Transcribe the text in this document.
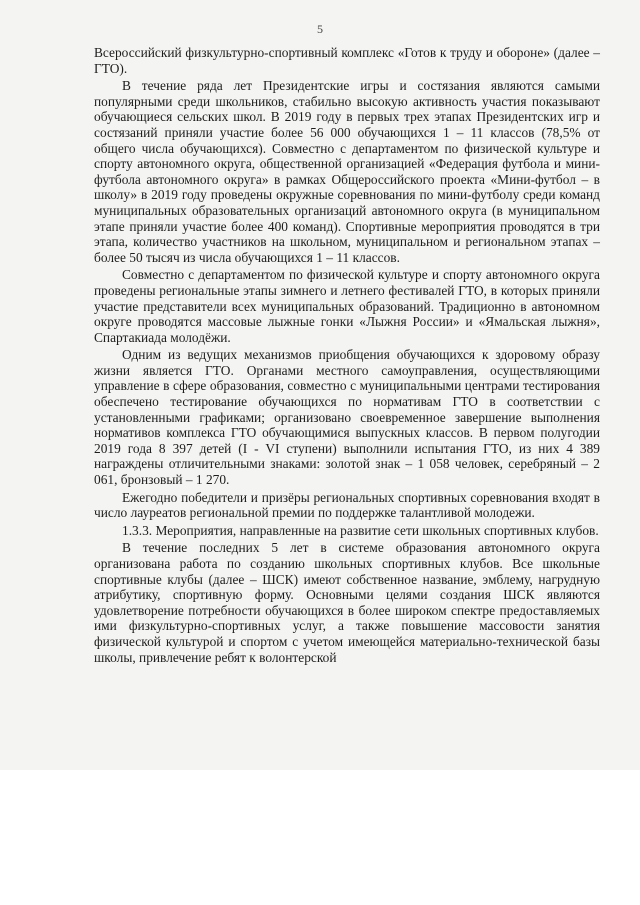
5

Всероссийский физкультурно-спортивный комплекс «Готов к труду и обороне» (далее – ГТО).

В течение ряда лет Президентские игры и состязания являются самыми популярными среди школьников, стабильно высокую активность участия показывают обучающиеся сельских школ. В 2019 году в первых трех этапах Президентских игр и состязаний приняли участие более 56 000 обучающихся 1 – 11 классов (78,5% от общего числа обучающихся). Совместно с департаментом по физической культуре и спорту автономного округа, общественной организацией «Федерация футбола и мини-футбола автономного округа» в рамках Общероссийского проекта «Мини-футбол – в школу» в 2019 году проведены окружные соревнования по мини-футболу среди команд муниципальных образовательных организаций автономного округа (в муниципальном этапе приняли участие более 400 команд). Спортивные мероприятия проводятся в три этапа, количество участников на школьном, муниципальном и региональном этапах – более 50 тысяч из числа обучающихся 1 – 11 классов.

Совместно с департаментом по физической культуре и спорту автономного округа проведены региональные этапы зимнего и летнего фестивалей ГТО, в которых приняли участие представители всех муниципальных образований. Традиционно в автономном округе проводятся массовые лыжные гонки «Лыжня России» и «Ямальская лыжня», Спартакиада молодёжи.

Одним из ведущих механизмов приобщения обучающихся к здоровому образу жизни является ГТО. Органами местного самоуправления, осуществляющими управление в сфере образования, совместно с муниципальными центрами тестирования обеспечено тестирование обучающихся по нормативам ГТО в соответствии с установленными графиками; организовано своевременное завершение выполнения нормативов комплекса ГТО обучающимися выпускных классов. В первом полугодии 2019 года 8 397 детей (I - VI ступени) выполнили испытания ГТО, из них 4 389 награждены отличительными знаками: золотой знак – 1 058 человек, серебряный – 2 061, бронзовый – 1 270.

Ежегодно победители и призёры региональных спортивных соревнования входят в число лауреатов региональной премии по поддержке талантливой молодежи.

1.3.3. Мероприятия, направленные на развитие сети школьных спортивных клубов.

В течение последних 5 лет в системе образования автономного округа организована работа по созданию школьных спортивных клубов. Все школьные спортивные клубы (далее – ШСК) имеют собственное название, эмблему, нагрудную атрибутику, спортивную форму. Основными целями создания ШСК являются удовлетворение потребности обучающихся в более широком спектре предоставляемых ими физкультурно-спортивных услуг, а также повышение массовости занятия физической культурой и спортом с учетом имеющейся материально-технической базы школы, привлечение ребят к волонтерской
